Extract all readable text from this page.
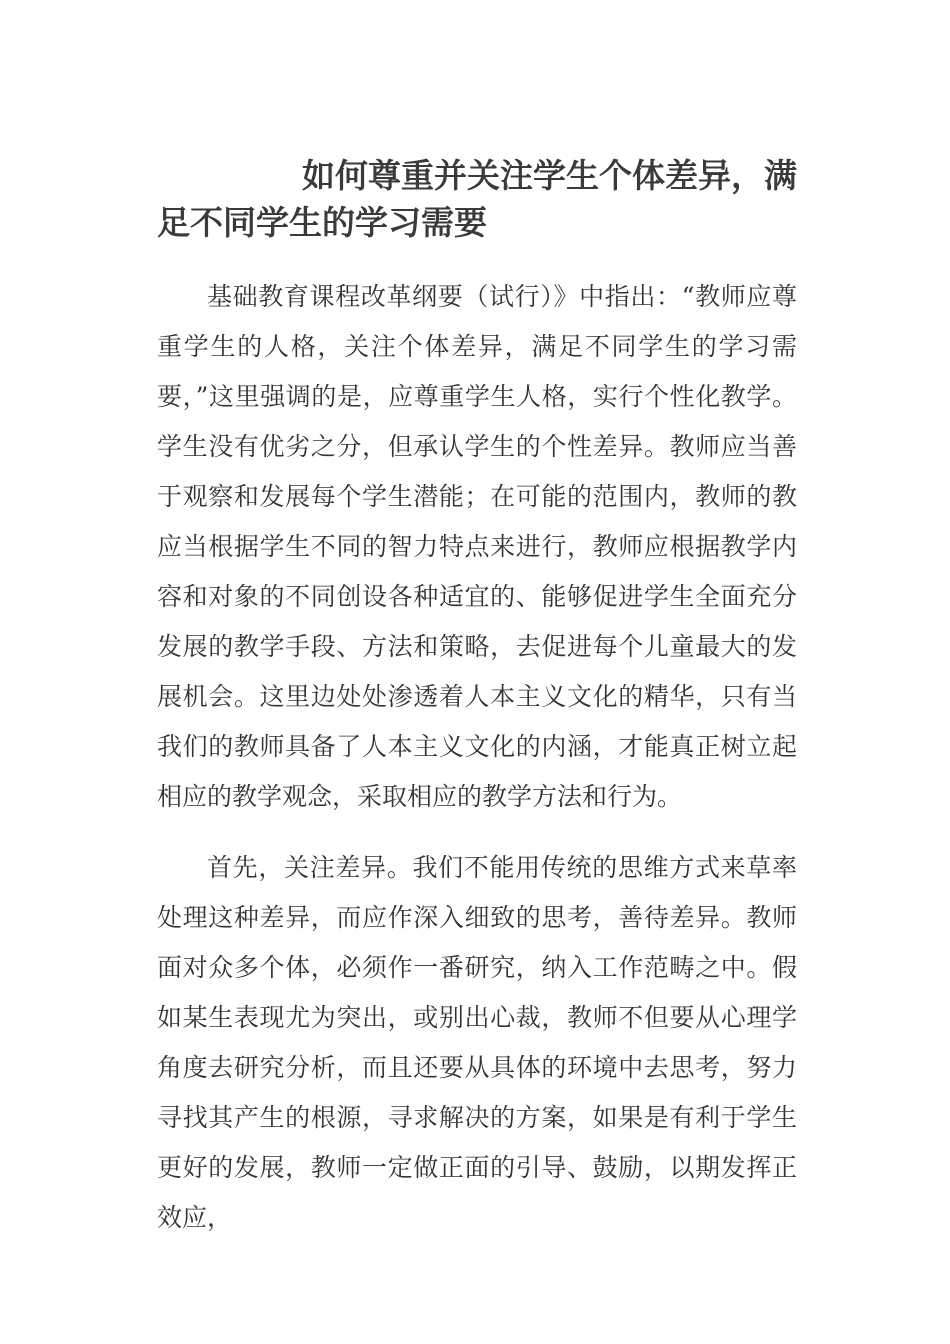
如何尊重并关注学生个体差异，满足不同学生的学习需要

基础教育课程改革纲要（试行）》中指出：“教师应尊重学生的人格，关注个体差异，满足不同学生的学习需要，”这里强调的是，应尊重学生人格，实行个性化教学。学生没有优劣之分，但承认学生的个性差异。教师应当善于观察和发展每个学生潜能；在可能的范围内，教师的教应当根据学生不同的智力特点来进行，教师应根据教学内容和对象的不同创设各种适宜的、能够促进学生全面充分发展的教学手段、方法和策略，去促进每个儿童最大的发展机会。这里边处处渗透着人本主义文化的精华，只有当我们的教师具备了人本主义文化的内涵，才能真正树立起相应的教学观念，采取相应的教学方法和行为。

首先，关注差异。我们不能用传统的思维方式来草率处理这种差异，而应作深入细致的思考，善待差异。教师面对众多个体，必须作一番研究，纳入工作范畴之中。假如某生表现尤为突出，或别出心裁，教师不但要从心理学角度去研究分析，而且还要从具体的环境中去思考，努力寻找其产生的根源，寻求解决的方案，如果是有利于学生更好的发展，教师一定做正面的引导、鼓励，以期发挥正效应，
